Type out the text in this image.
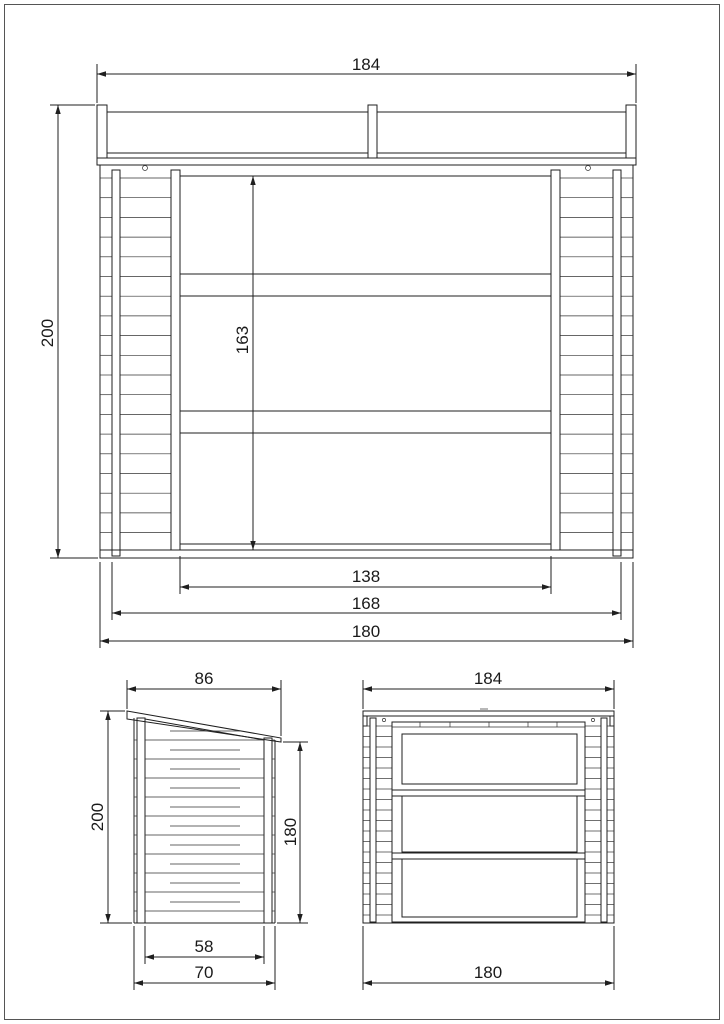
184
200	163
138
168
180
86
200
180
58
70
184
180
